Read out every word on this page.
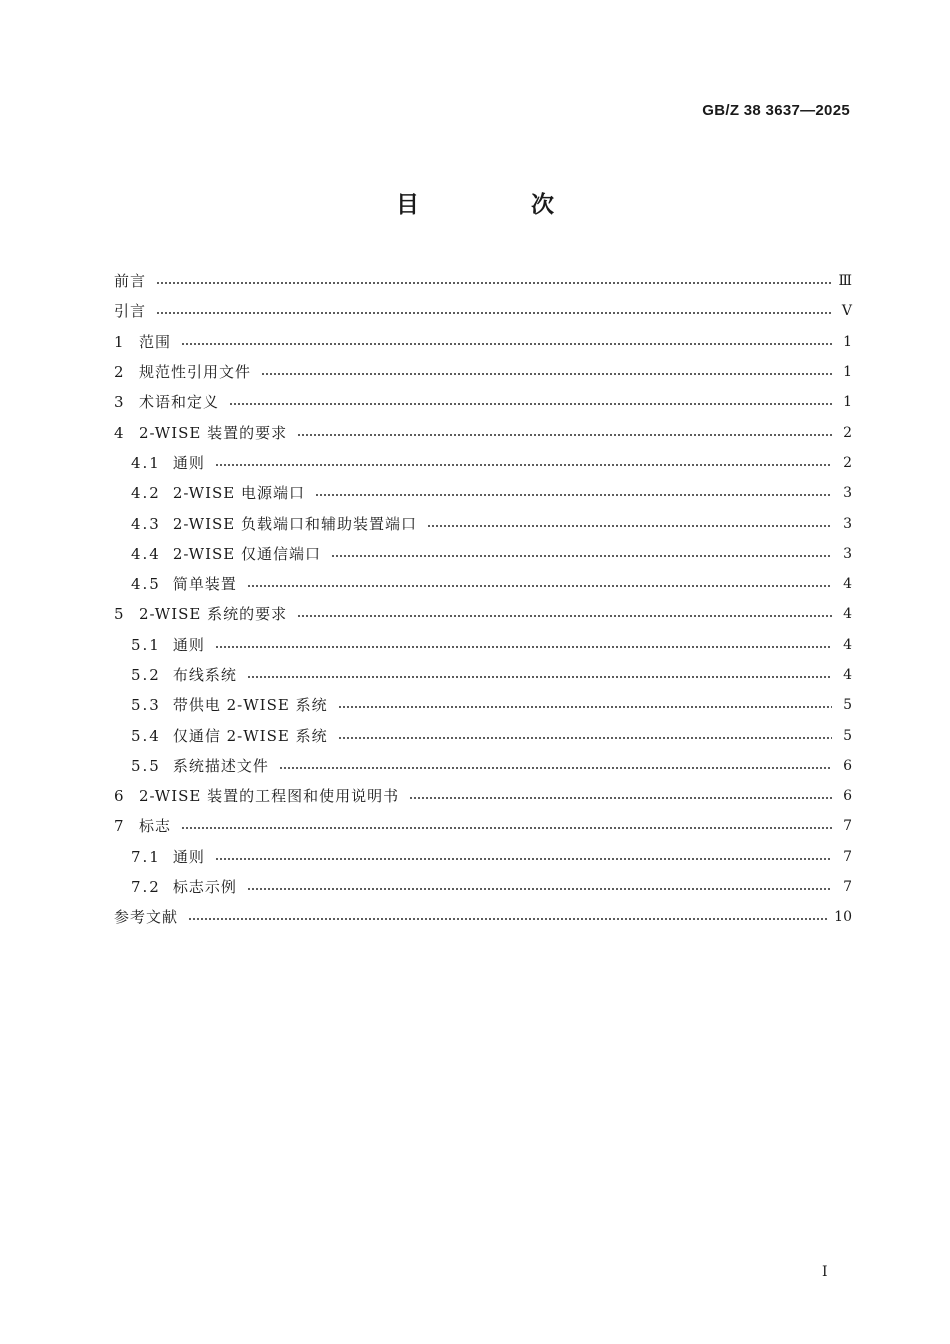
GB/Z 38 3637—2025
目 次
前言	Ⅲ
引言	Ⅴ
1 范围	1
2 规范性引用文件	1
3 术语和定义	1
4 2-WISE 装置的要求	2
4.1 通则	2
4.2 2-WISE 电源端口	3
4.3 2-WISE 负载端口和辅助装置端口	3
4.4 2-WISE 仅通信端口	3
4.5 简单装置	4
5 2-WISE 系统的要求	4
5.1 通则	4
5.2 布线系统	4
5.3 带供电 2-WISE 系统	5
5.4 仅通信 2-WISE 系统	5
5.5 系统描述文件	6
6 2-WISE 装置的工程图和使用说明书	6
7 标志	7
7.1 通则	7
7.2 标志示例	7
参考文献	10
I
